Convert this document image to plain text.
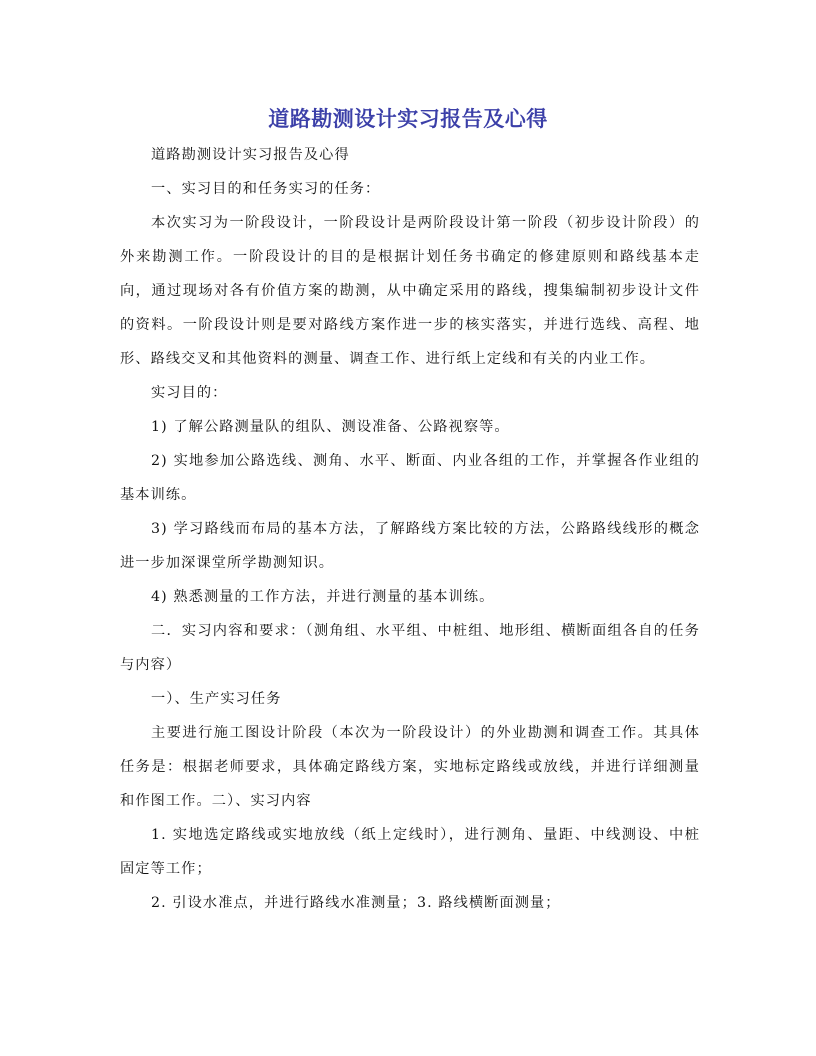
道路勘测设计实习报告及心得

道路勘测设计实习报告及心得

一、实习目的和任务实习的任务：

本次实习为一阶段设计，一阶段设计是两阶段设计第一阶段（初步设计阶段）的外来勘测工作。一阶段设计的目的是根据计划任务书确定的修建原则和路线基本走向，通过现场对各有价值方案的勘测，从中确定采用的路线，搜集编制初步设计文件的资料。一阶段设计则是要对路线方案作进一步的核实落实，并进行选线、高程、地形、路线交叉和其他资料的测量、调查工作、进行纸上定线和有关的内业工作。

实习目的：

1) 了解公路测量队的组队、测设准备、公路视察等。

2) 实地参加公路选线、测角、水平、断面、内业各组的工作，并掌握各作业组的基本训练。

3) 学习路线而布局的基本方法，了解路线方案比较的方法，公路路线线形的概念进一步加深课堂所学勘测知识。

4) 熟悉测量的工作方法，并进行测量的基本训练。

二．实习内容和要求：（测角组、水平组、中桩组、地形组、横断面组各自的任务与内容）

一）、生产实习任务

主要进行施工图设计阶段（本次为一阶段设计）的外业勘测和调查工作。其具体任务是：根据老师要求，具体确定路线方案，实地标定路线或放线，并进行详细测量和作图工作。二）、实习内容

1. 实地选定路线或实地放线（纸上定线时），进行测角、量距、中线测设、中桩固定等工作；

2. 引设水准点，并进行路线水准测量；3. 路线横断面测量；
